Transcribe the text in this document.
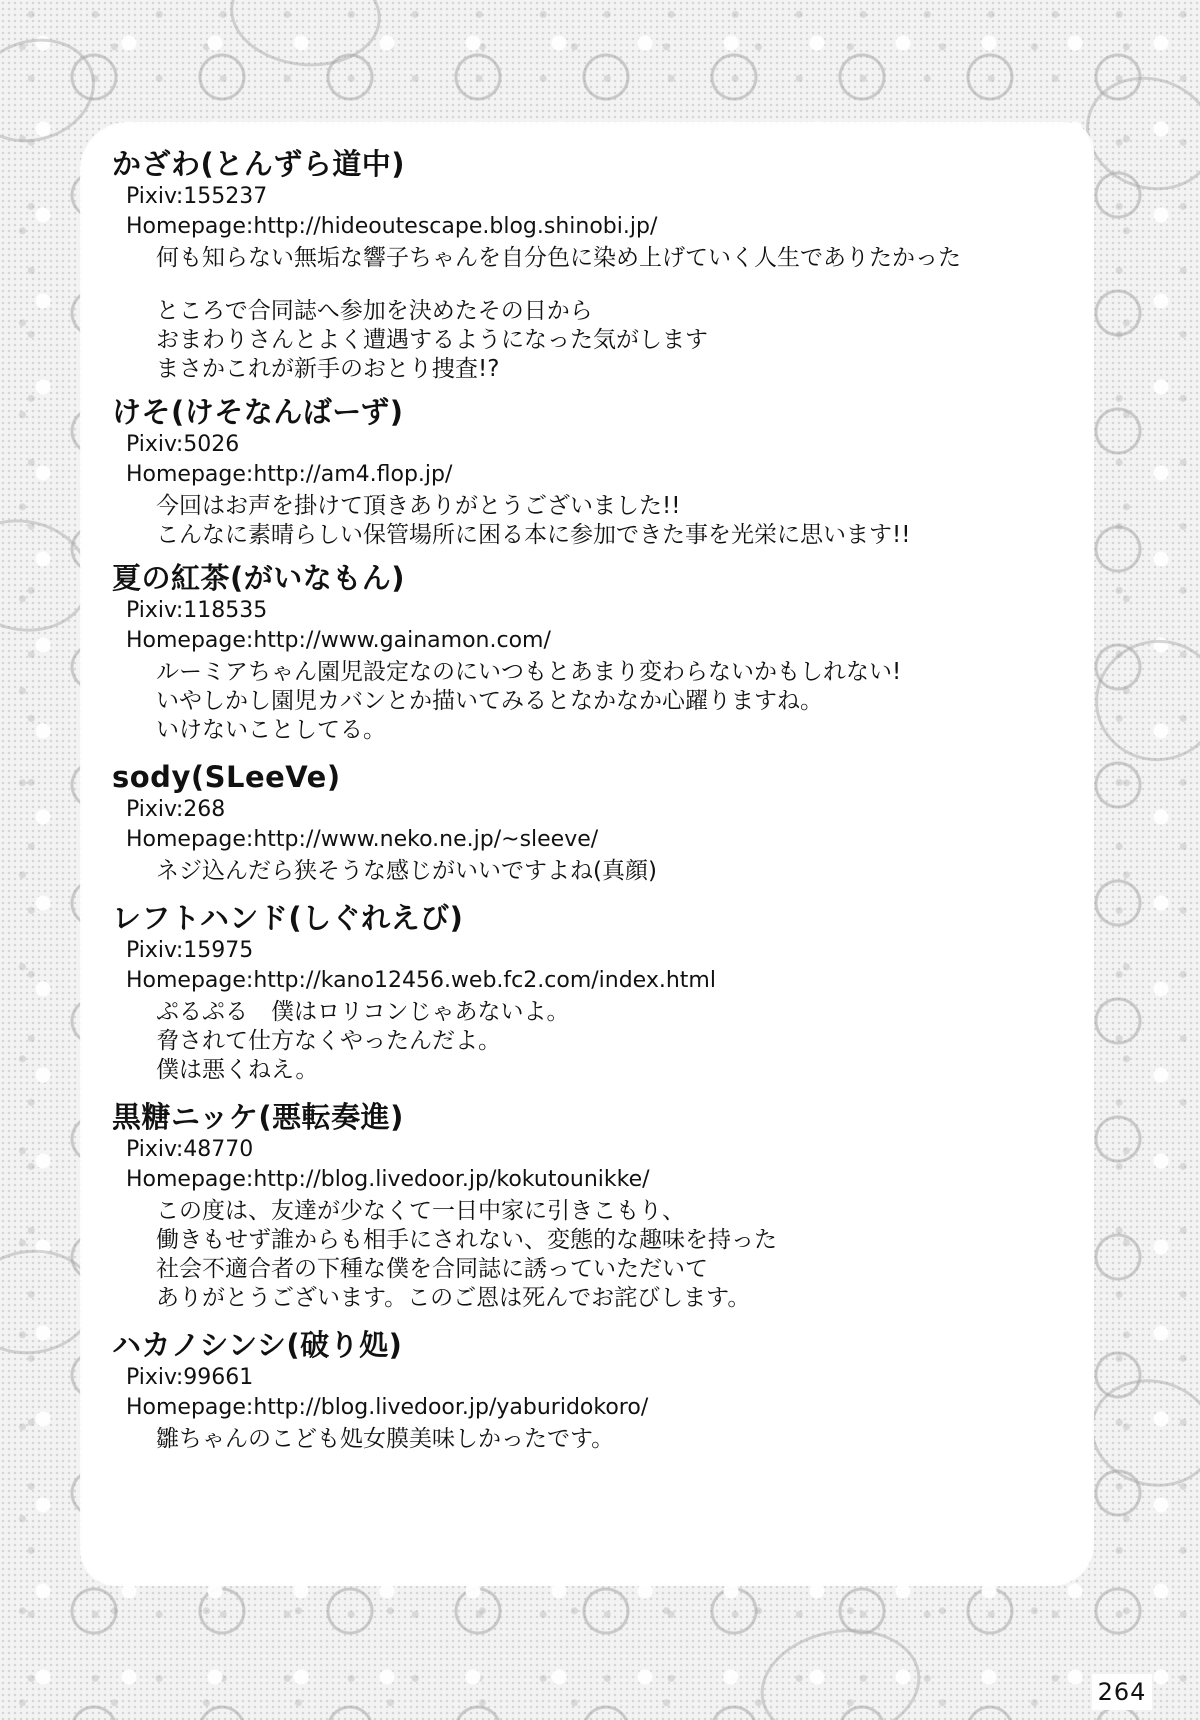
かざわ(とんずら道中)
Pixiv:155237
Homepage:http://hideoutescape.blog.shinobi.jp/
何も知らない無垢な響子ちゃんを自分色に染め上げていく人生でありたかった
ところで合同誌へ参加を決めたその日から
おまわりさんとよく遭遇するようになった気がします
まさかこれが新手のおとり捜査!?
けそ(けそなんばーず)
Pixiv:5026
Homepage:http://am4.flop.jp/
今回はお声を掛けて頂きありがとうございました!!
こんなに素晴らしい保管場所に困る本に参加できた事を光栄に思います!!
夏の紅茶(がいなもん)
Pixiv:118535
Homepage:http://www.gainamon.com/
ルーミアちゃん園児設定なのにいつもとあまり変わらないかもしれない!
いやしかし園児カバンとか描いてみるとなかなか心躍りますね。
いけないことしてる。
sody(SLeeVe)
Pixiv:268
Homepage:http://www.neko.ne.jp/~sleeve/
ネジ込んだら狭そうな感じがいいですよね(真顔)
レフトハンド(しぐれえび)
Pixiv:15975
Homepage:http://kano12456.web.fc2.com/index.html
ぷるぷる　僕はロリコンじゃあないよ。
脅されて仕方なくやったんだよ。
僕は悪くねえ。
黒糖ニッケ(悪転奏進)
Pixiv:48770
Homepage:http://blog.livedoor.jp/kokutounikke/
この度は、友達が少なくて一日中家に引きこもり、
働きもせず誰からも相手にされない、変態的な趣味を持った
社会不適合者の下種な僕を合同誌に誘っていただいて
ありがとうございます。このご恩は死んでお詫びします。
ハカノシンシ(破り処)
Pixiv:99661
Homepage:http://blog.livedoor.jp/yaburidokoro/
雛ちゃんのこども処女膜美味しかったです。
264
